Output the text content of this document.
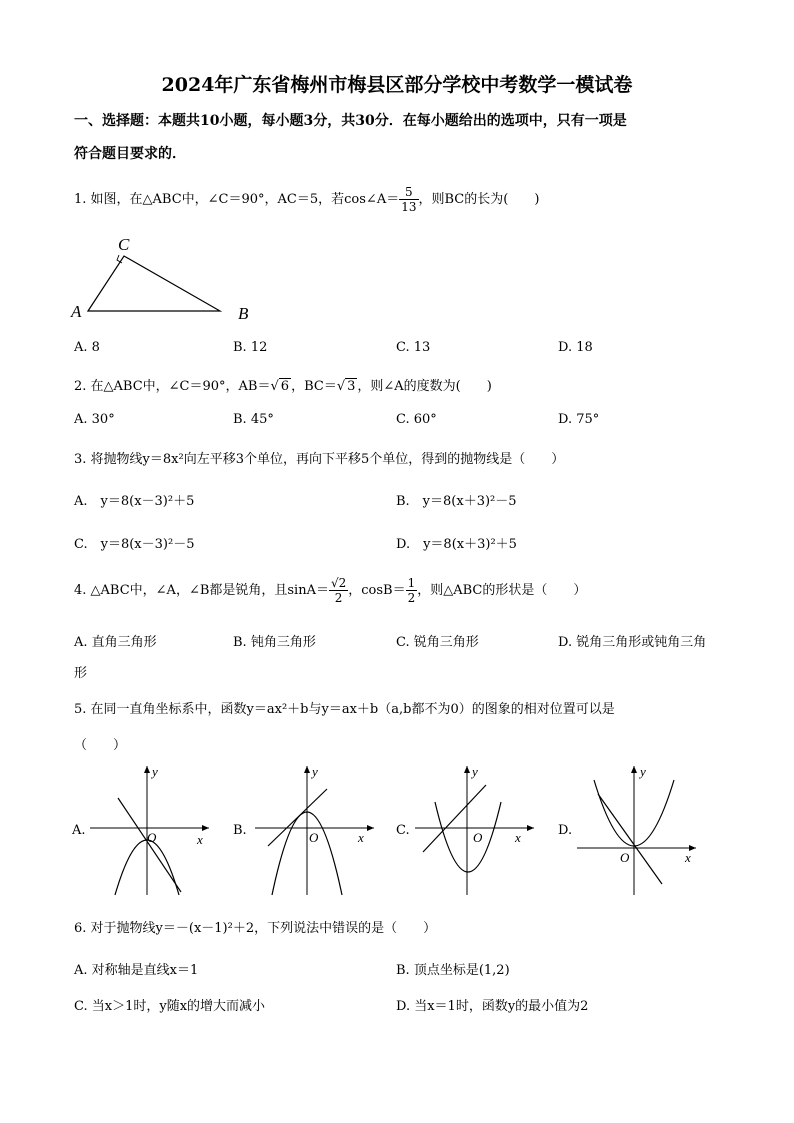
2024年广东省梅州市梅县区部分学校中考数学一模试卷
一、选择题：本题共10小题，每小题3分，共30分．在每小题给出的选项中，只有一项是
符合题目要求的．
1. 如图，在△ABC中，∠C＝90°，AC＝5，若cos∠A＝ $\frac{5}{13}$ ，则BC的长为(　　)
A	B
C
A. 8	B. 12	C. 13	D. 18
2. 在△ABC中，∠C＝90°，AB＝√ 6 ，BC＝√ 3 ，则∠A的度数为(　　)
A. 30°	B. 45°	C. 60°	D. 75°
3. 将抛物线y＝8x²向左平移3个单位，再向下平移5个单位，得到的抛物线是（　　）
A.　y＝8(x－3)²＋5	B.　y＝8(x＋3)²－5
C.　y＝8(x－3)²－5	D.　y＝8(x＋3)²＋5
4. △ABC中，∠A，∠B都是锐角，且$\sin A= \frac{√2}{2}$ ，$\cos B= \frac{1}{2}$ ，则△ABC的形状是（　　）
A. 直角三角形	B. 钝角三角形	C. 锐角三角形	D. 锐角三角形或钝角三角
形
5. 在同一直角坐标系中，函数y＝ax²＋b与y＝ax＋b（a,b都不为0）的图象的相对位置可以是
（　　）
A.	B.	C.	D.
x
y
O	x
y
O	x
y
O
x
y
O
6. 对于抛物线y＝－(x－1)²＋2，下列说法中错误的是（　　）
A. 对称轴是直线x＝1	B. 顶点坐标是(1,2)
C. 当x＞1时，y随x的增大而减小	D. 当x＝1时，函数y的最小值为2
